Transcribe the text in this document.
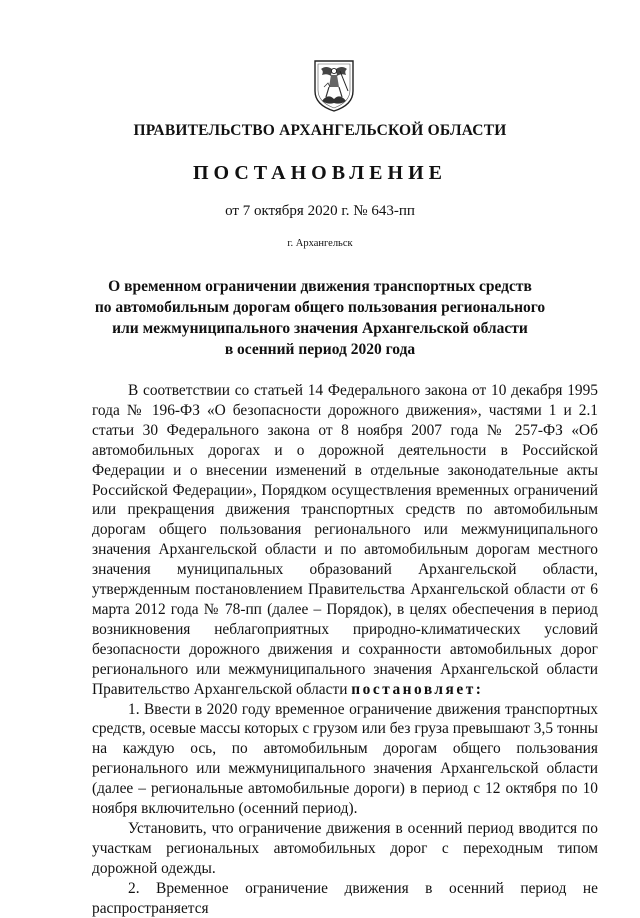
ПРАВИТЕЛЬСТВО АРХАНГЕЛЬСКОЙ ОБЛАСТИ
ПОСТАНОВЛЕНИЕ
от 7 октября 2020 г. № 643-пп
г. Архангельск
О временном ограничении движения транспортных средств
по автомобильным дорогам общего пользования регионального
или межмуниципального значения Архангельской области
в осенний период 2020 года

В соответствии со статьей 14 Федерального закона от 10 декабря 1995 года № 196-ФЗ «О безопасности дорожного движения», частями 1 и 2.1 статьи 30 Федерального закона от 8 ноября 2007 года № 257-ФЗ «Об автомобильных дорогах и о дорожной деятельности в Российской Федерации и о внесении изменений в отдельные законодательные акты Российской Федерации», Порядком осуществления временных ограничений или прекращения движения транспортных средств по автомобильным дорогам общего пользования регионального или межмуниципального значения Архангельской области и по автомобильным дорогам местного значения муниципальных образований Архангельской области, утвержденным постановлением Правительства Архангельской области от 6 марта 2012 года № 78-пп (далее – Порядок), в целях обеспечения в период возникновения неблагоприятных природно-климатических условий безопасности дорожного движения и сохранности автомобильных дорог регионального или межмуниципального значения Архангельской области Правительство Архангельской области постановляет:

1. Ввести в 2020 году временное ограничение движения транспортных средств, осевые массы которых с грузом или без груза превышают 3,5 тонны на каждую ось, по автомобильным дорогам общего пользования регионального или межмуниципального значения Архангельской области (далее – региональные автомобильные дороги) в период с 12 октября по 10 ноября включительно (осенний период).

Установить, что ограничение движения в осенний период вводится по участкам региональных автомобильных дорог с переходным типом дорожной одежды.

2. Временное ограничение движения в осенний период не распространяется
